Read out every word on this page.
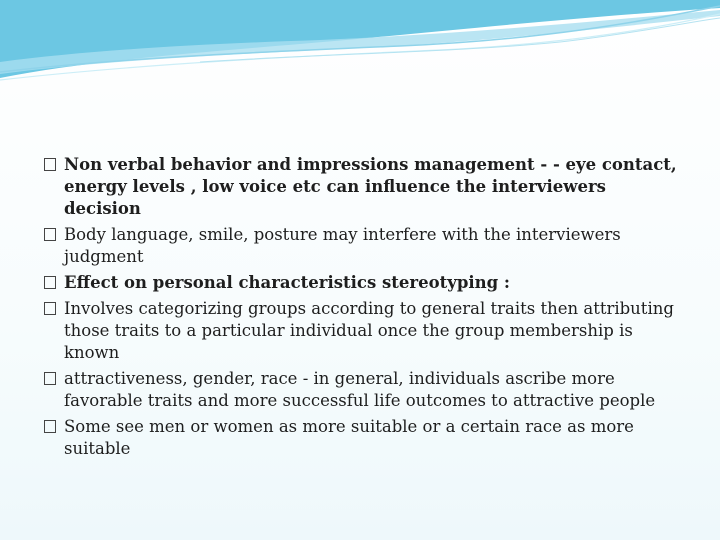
Non verbal behavior and impressions management - - eye contact, energy levels , low voice etc can influence the interviewers decision
Body language, smile, posture may interfere with the interviewers judgment
Effect on personal characteristics stereotyping :
Involves categorizing groups according to general traits then attributing those traits to a particular individual once the group membership is known
attractiveness, gender, race - in general, individuals ascribe more favorable traits and more successful life outcomes to attractive people
Some see men or women as more suitable or a certain race as more suitable
